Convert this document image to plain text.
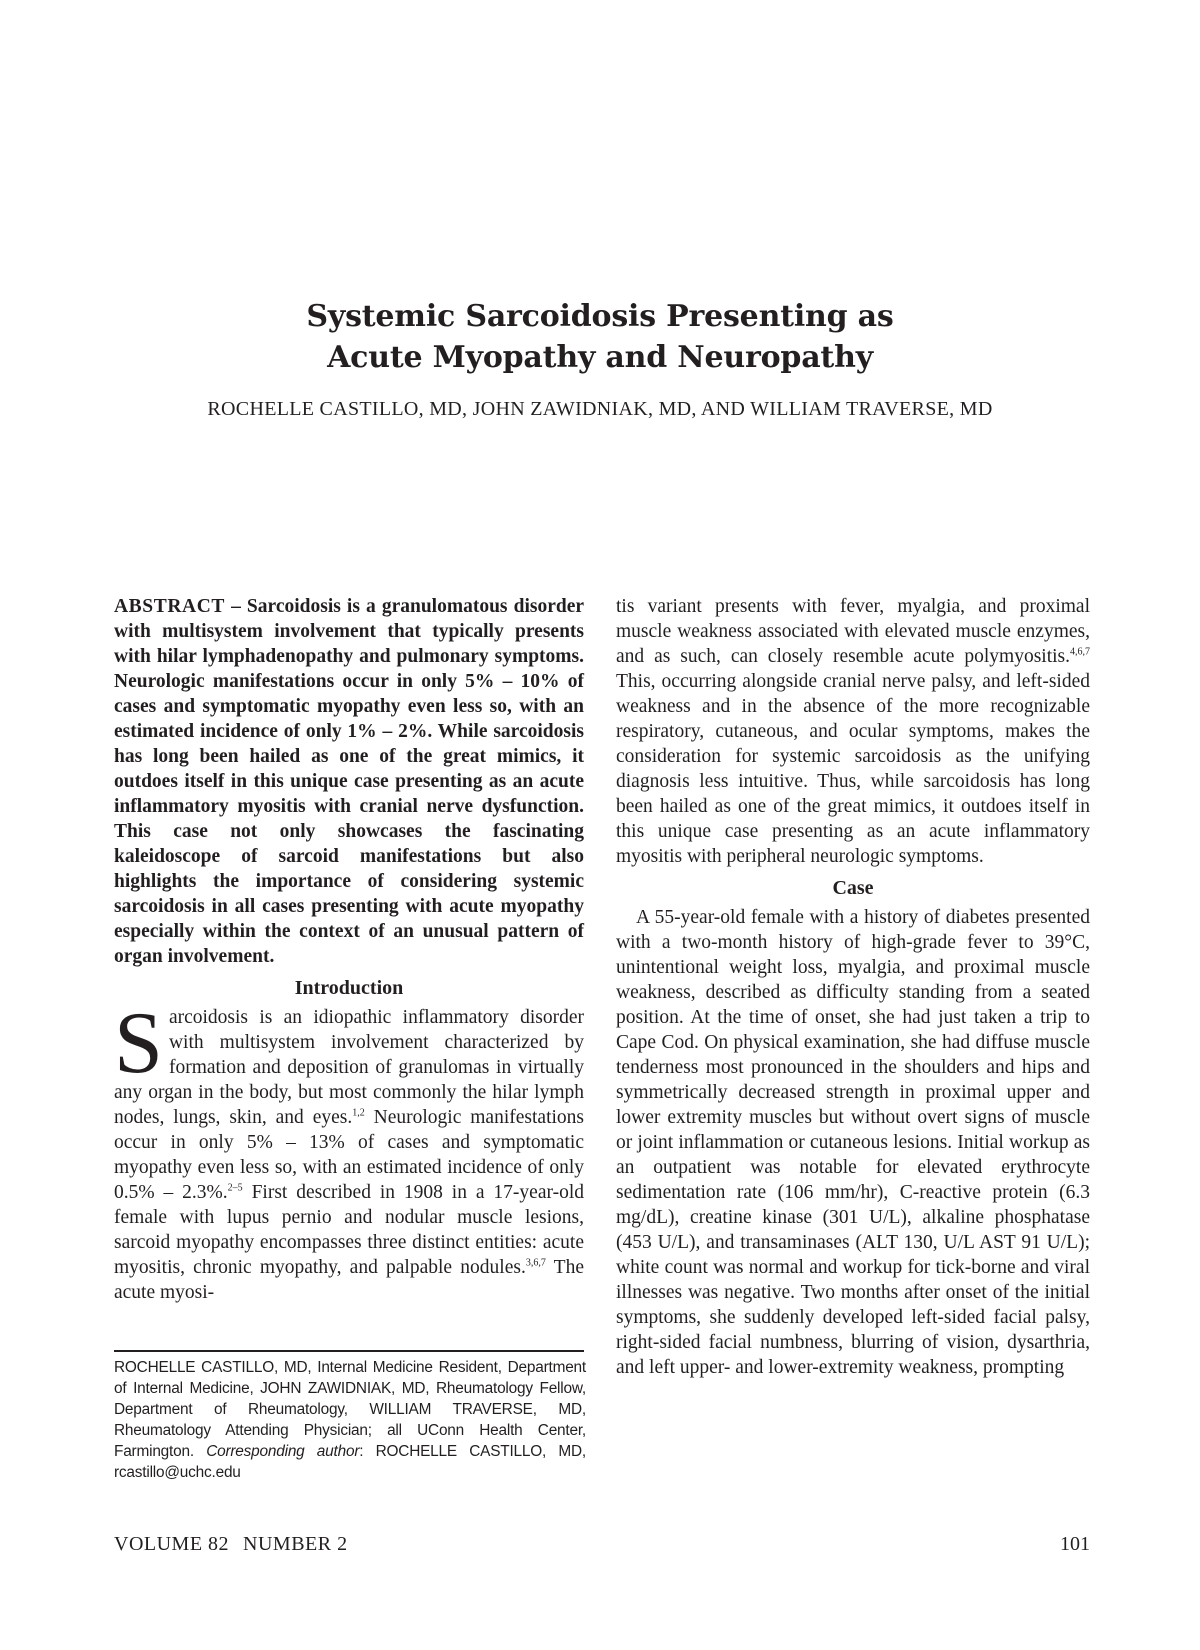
Systemic Sarcoidosis Presenting as
Acute Myopathy and Neuropathy
ROCHELLE CASTILLO, MD, JOHN ZAWIDNIAK, MD, AND WILLIAM TRAVERSE, MD

ABSTRACT – Sarcoidosis is a granulomatous disorder with multisystem involvement that typically presents with hilar lymphadenopathy and pulmonary symptoms. Neurologic manifestations occur in only 5% – 10% of cases and symptomatic myopathy even less so, with an estimated incidence of only 1% – 2%. While sarcoidosis has long been hailed as one of the great mimics, it outdoes itself in this unique case presenting as an acute inflammatory myositis with cranial nerve dysfunction. This case not only showcases the fascinating kaleidoscope of sarcoid manifestations but also highlights the importance of considering systemic sarcoidosis in all cases presenting with acute myopathy especially within the context of an unusual pattern of organ involvement.

Introduction

Sarcoidosis is an idiopathic inflammatory disorder with multisystem involvement characterized by formation and deposition of granulomas in virtually any organ in the body, but most commonly the hilar lymph nodes, lungs, skin, and eyes.$^{1,2}$ Neurologic manifestations occur in only 5% – 13% of cases and symptomatic myopathy even less so, with an estimated incidence of only 0.5% – 2.3%.$^{2-5}$ First described in 1908 in a 17-year-old female with lupus pernio and nodular muscle lesions, sarcoid myopathy encompasses three distinct entities: acute myositis, chronic myopathy, and palpable nodules.$^{3,6,7}$ The acute myosi-

ROCHELLE CASTILLO, MD, Internal Medicine Resident, Department of Internal Medicine, JOHN ZAWIDNIAK, MD, Rheumatology Fellow, Department of Rheumatology, WILLIAM TRAVERSE, MD, Rheumatology Attending Physician; all UConn Health Center, Farmington. Corresponding author: ROCHELLE CASTILLO, MD, rcastillo@uchc.edu

tis variant presents with fever, myalgia, and proximal muscle weakness associated with elevated muscle enzymes, and as such, can closely resemble acute polymyositis.$^{4,6,7}$ This, occurring alongside cranial nerve palsy, and left-sided weakness and in the absence of the more recognizable respiratory, cutaneous, and ocular symptoms, makes the consideration for systemic sarcoidosis as the unifying diagnosis less intuitive. Thus, while sarcoidosis has long been hailed as one of the great mimics, it outdoes itself in this unique case presenting as an acute inflammatory myositis with peripheral neurologic symptoms.

Case

A 55-year-old female with a history of diabetes presented with a two-month history of high-grade fever to 39°C, unintentional weight loss, myalgia, and proximal muscle weakness, described as difficulty standing from a seated position. At the time of onset, she had just taken a trip to Cape Cod. On physical examination, she had diffuse muscle tenderness most pronounced in the shoulders and hips and symmetrically decreased strength in proximal upper and lower extremity muscles but without overt signs of muscle or joint inflammation or cutaneous lesions. Initial workup as an outpatient was notable for elevated erythrocyte sedimentation rate (106 mm/hr), C-reactive protein (6.3 mg/dL), creatine kinase (301 U/L), alkaline phosphatase (453 U/L), and transaminases (ALT 130, U/L AST 91 U/L); white count was normal and workup for tick-borne and viral illnesses was negative. Two months after onset of the initial symptoms, she suddenly developed left-sided facial palsy, right-sided facial numbness, blurring of vision, dysarthria, and left upper- and lower-extremity weakness, prompting

VOLUME 82 NUMBER 2	101
